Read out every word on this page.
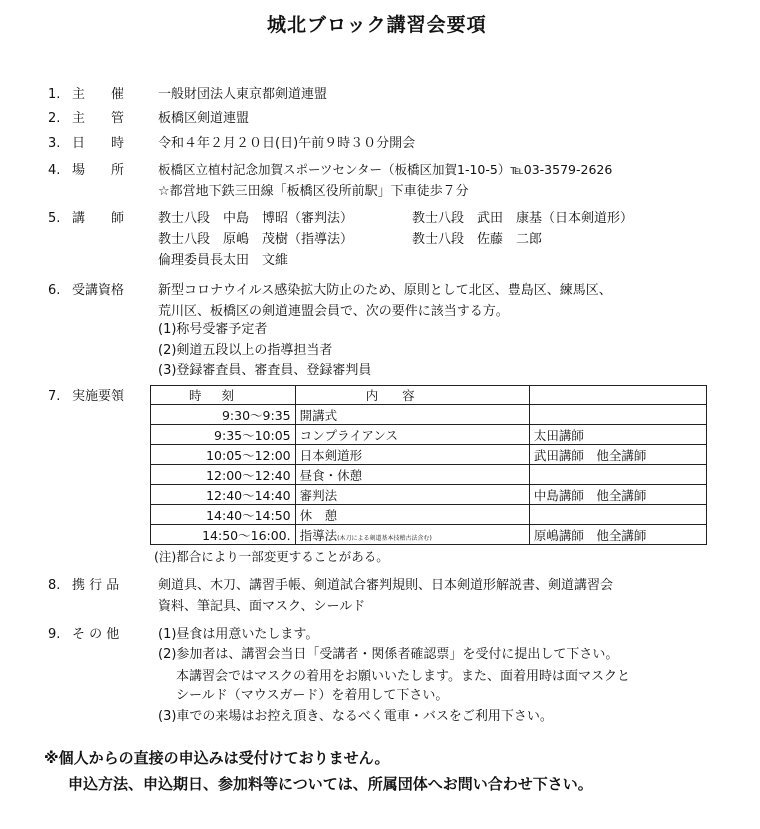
城北ブロック講習会要項
1. 主　　催	一般財団法人東京都剣道連盟
2. 主　　管	板橋区剣道連盟
3. 日　　時	令和４年２月２０日(日)午前９時３０分開会
4. 場　　所	板橋区立植村記念加賀スポーツセンター（板橋区加賀1-10-5）℡03-3579-2626
☆都営地下鉄三田線「板橋区役所前駅」下車徒歩７分
5. 講　　師	教士八段　中島　博昭（審判法）	教士八段　武田　康基（日本剣道形）
教士八段　原嶋　茂樹（指導法）	教士八段　佐藤　二郎
倫理委員長太田　文維
6. 受講資格	新型コロナウイルス感染拡大防止のため、原則として北区、豊島区、練馬区、
荒川区、板橋区の剣道連盟会員で、次の要件に該当する方。
(1)称号受審予定者
(2)剣道五段以上の指導担当者
(3)登録審査員、審査員、登録審判員
7. 実施要領	時刻	内容	
9:30〜9:35	開講式	
9:35〜10:05	コンプライアンス	太田講師
10:05〜12:00	日本剣道形	武田講師　他全講師
12:00〜12:40	昼食・休憩	
12:40〜14:40	審判法	中島講師　他全講師
14:40〜14:50	休　憩	
14:50〜16:00.	指導法(木刀による剣道基本技稽古法含む)	原嶋講師　他全講師
(注)都合により一部変更することがある。
8. 携 行 品	剣道具、木刀、講習手帳、剣道試合審判規則、日本剣道形解説書、剣道講習会
資料、筆記具、面マスク、シールド
9. そ の 他	(1)昼食は用意いたします。
(2)参加者は、講習会当日「受講者・関係者確認票」を受付に提出して下さい。
本講習会ではマスクの着用をお願いいたします。また、面着用時は面マスクと
シールド（マウスガード）を着用して下さい。
(3)車での来場はお控え頂き、なるべく電車・バスをご利用下さい。
※個人からの直接の申込みは受付けておりません。
申込方法、申込期日、参加料等については、所属団体へお問い合わせ下さい。
